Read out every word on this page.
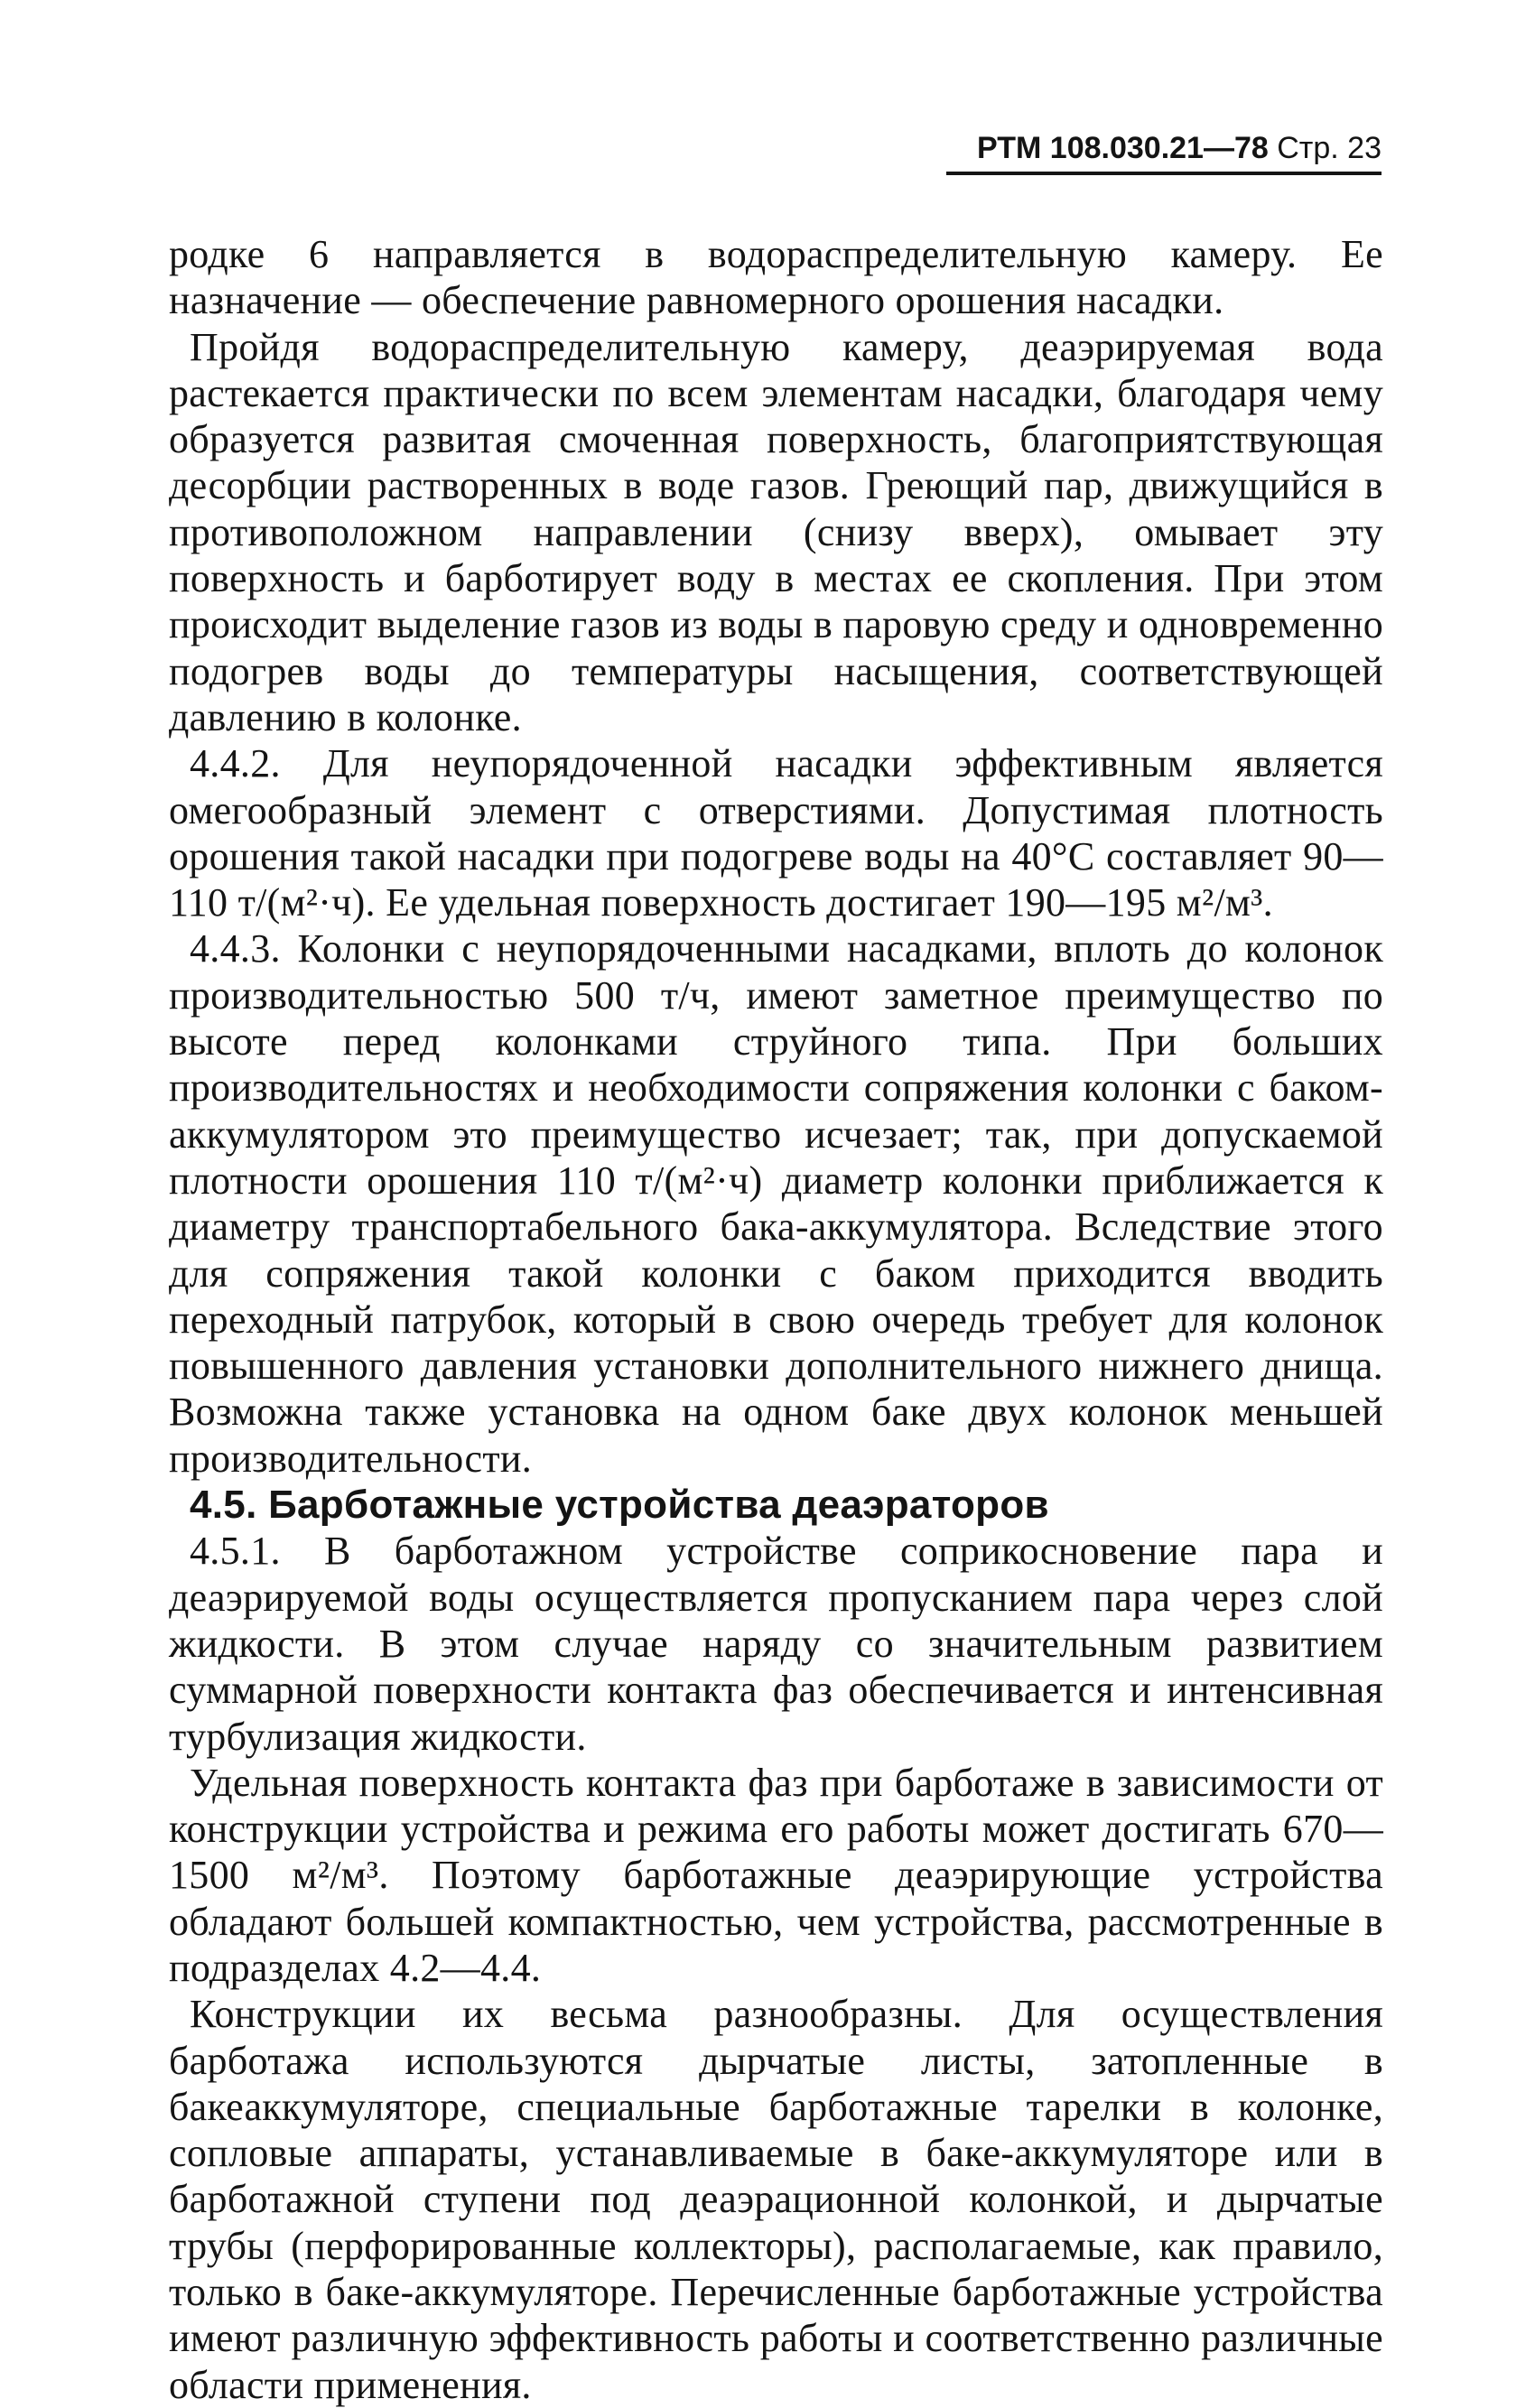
РТМ 108.030.21—78 Стр. 23

родке 6 направляется в водораспределительную камеру. Ее назначение — обеспечение равномерного орошения насадки.

Пройдя водораспределительную камеру, деаэрируемая вода растекается практически по всем элементам насадки, благодаря чему образуется развитая смоченная поверхность, благоприятствующая десорбции растворенных в воде газов. Греющий пар, движущийся в противоположном направлении (снизу вверх), омывает эту поверхность и барботирует воду в местах ее скопления. При этом происходит выделение газов из воды в паровую среду и одновременно подогрев воды до температуры насыщения, соответствующей давлению в колонке.

4.4.2. Для неупорядоченной насадки эффективным является омегообразный элемент с отверстиями. Допустимая плотность орошения такой насадки при подогреве воды на 40°C составляет 90—110 т/(м²·ч). Ее удельная поверхность достигает 190—195 м²/м³.

4.4.3. Колонки с неупорядоченными насадками, вплоть до колонок производительностью 500 т/ч, имеют заметное преимущество по высоте перед колонками струйного типа. При больших производительностях и необходимости сопряжения колонки с баком-аккумулятором это преимущество исчезает; так, при допускаемой плотности орошения 110 т/(м²·ч) диаметр колонки приближается к диаметру транспортабельного бака-аккумулятора. Вследствие этого для сопряжения такой колонки с баком приходится вводить переходный патрубок, который в свою очередь требует для колонок повышенного давления установки дополнительного нижнего днища. Возможна также установка на одном баке двух колонок меньшей производительности.

4.5. Барботажные устройства деаэраторов

4.5.1. В барботажном устройстве соприкосновение пара и деаэрируемой воды осуществляется пропусканием пара через слой жидкости. В этом случае наряду со значительным развитием суммарной поверхности контакта фаз обеспечивается и интенсивная турбулизация жидкости.

Удельная поверхность контакта фаз при барботаже в зависимости от конструкции устройства и режима его работы может достигать 670—1500 м²/м³. Поэтому барботажные деаэрирующие устройства обладают большей компактностью, чем устройства, рассмотренные в подразделах 4.2—4.4.

Конструкции их весьма разнообразны. Для осуществления барботажа используются дырчатые листы, затопленные в бакеаккумуляторе, специальные барботажные тарелки в колонке, сопловые аппараты, устанавливаемые в баке-аккумуляторе или в барботажной ступени под деаэрационной колонкой, и дырчатые трубы (перфорированные коллекторы), располагаемые, как правило, только в баке-аккумуляторе. Перечисленные барботажные устройства имеют различную эффективность работы и соответственно различные области применения.
